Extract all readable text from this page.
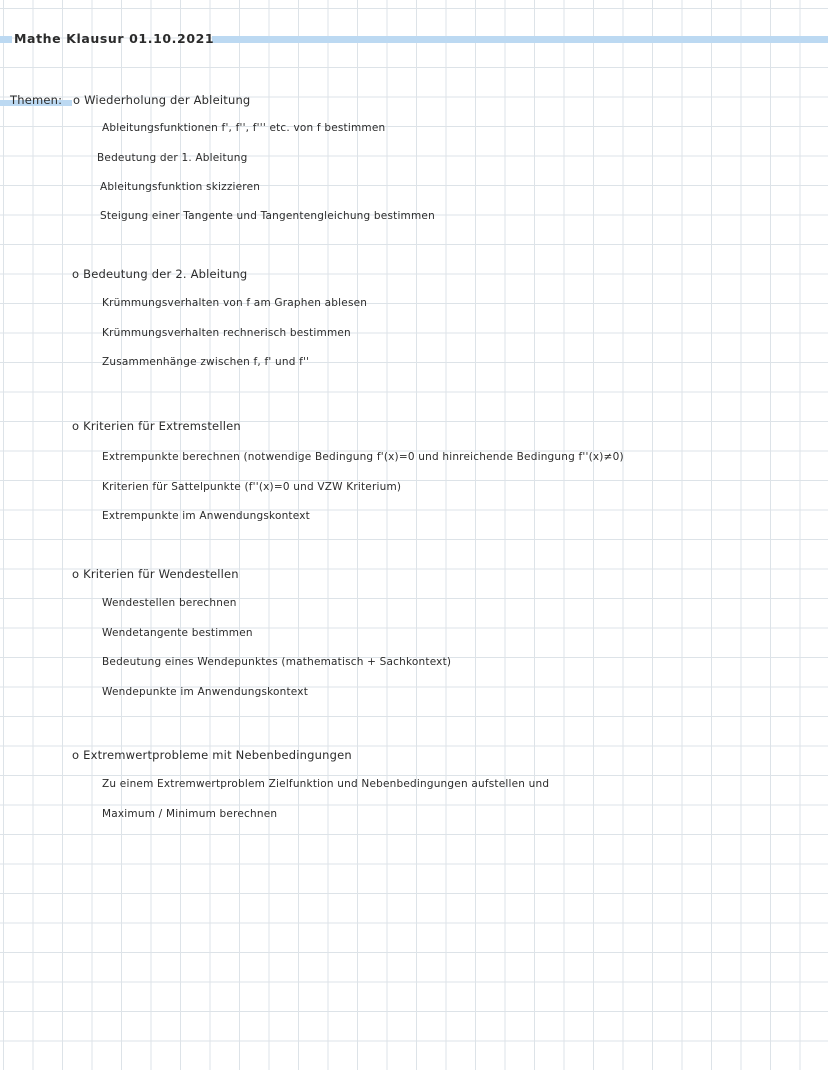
Mathe Klausur 01.10.2021
Themen: o Wiederholung der Ableitung
Ableitungsfunktionen f', f'', f''' etc. von f bestimmen
Bedeutung der 1. Ableitung
Ableitungsfunktion skizzieren
Steigung einer Tangente und Tangentengleichung bestimmen
o Bedeutung der 2. Ableitung
Krümmungsverhalten von f am Graphen ablesen
Krümmungsverhalten rechnerisch bestimmen
Zusammenhänge zwischen f, f' und f''
o Kriterien für Extremstellen
Extrempunkte berechnen (notwendige Bedingung f'(x)=0 und hinreichende Bedingung f''(x)≠0)
Kriterien für Sattelpunkte (f''(x)=0 und VZW Kriterium)
Extrempunkte im Anwendungskontext
o Kriterien für Wendestellen
Wendestellen berechnen
Wendetangente bestimmen
Bedeutung eines Wendepunktes (mathematisch + Sachkontext)
Wendepunkte im Anwendungskontext
o Extremwertprobleme mit Nebenbedingungen
Zu einem Extremwertproblem Zielfunktion und Nebenbedingungen aufstellen und
Maximum / Minimum berechnen
